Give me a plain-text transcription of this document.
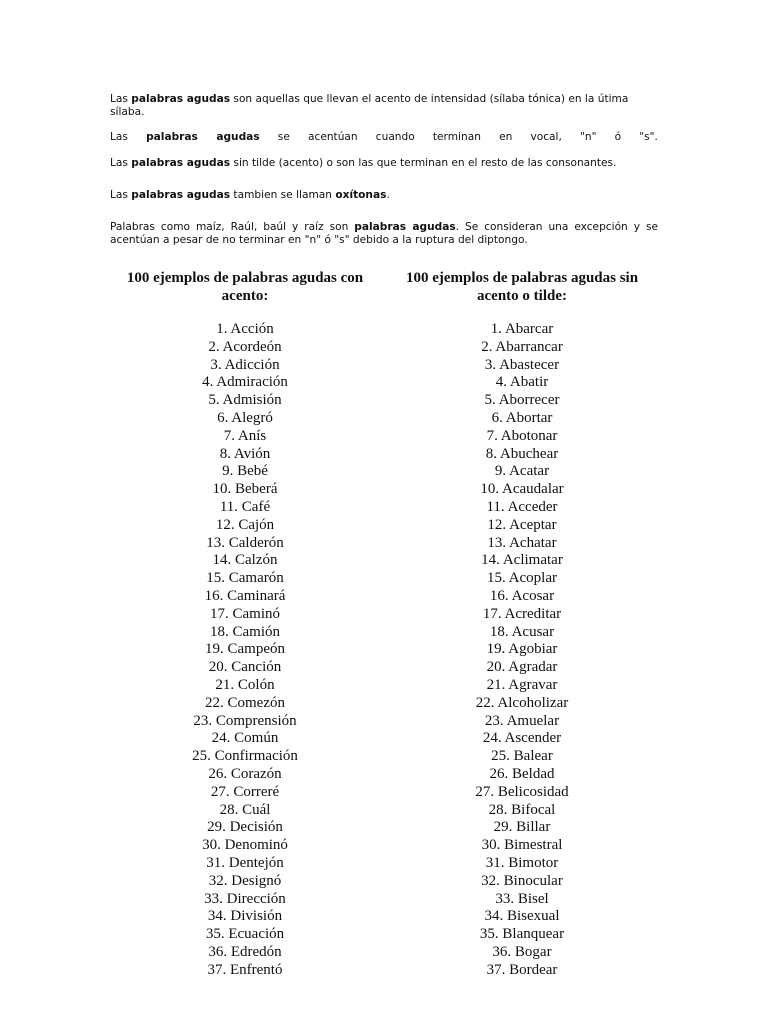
Las palabras agudas son aquellas que llevan el acento de intensidad (sílaba tónica) en la útima sílaba.

Las palabras agudas se acentúan cuando terminan en vocal, "n" ó "s".

Las palabras agudas sin tilde (acento) o son las que terminan en el resto de las consonantes.

Las palabras agudas tambien se llaman oxítonas.

Palabras como maíz, Raúl, baúl y raíz son palabras agudas. Se consideran una excepción y se acentúan a pesar de no terminar en "n" ó "s" debido a la ruptura del diptongo.

100 ejemplos de palabras agudas con
acento:
1. Acción
2. Acordeón
3. Adicción
4. Admiración
5. Admisión
6. Alegró
7. Anís
8. Avión
9. Bebé
10. Beberá
11. Café
12. Cajón
13. Calderón
14. Calzón
15. Camarón
16. Caminará
17. Caminó
18. Camión
19. Campeón
20. Canción
21. Colón
22. Comezón
23. Comprensión
24. Común
25. Confirmación
26. Corazón
27. Correré
28. Cuál
29. Decisión
30. Denominó
31. Dentejón
32. Designó
33. Dirección
34. División
35. Ecuación
36. Edredón
37. Enfrentó
100 ejemplos de palabras agudas sin
acento o tilde:
1. Abarcar
2. Abarrancar
3. Abastecer
4. Abatir
5. Aborrecer
6. Abortar
7. Abotonar
8. Abuchear
9. Acatar
10. Acaudalar
11. Acceder
12. Aceptar
13. Achatar
14. Aclimatar
15. Acoplar
16. Acosar
17. Acreditar
18. Acusar
19. Agobiar
20. Agradar
21. Agravar
22. Alcoholizar
23. Amuelar
24. Ascender
25. Balear
26. Beldad
27. Belicosidad
28. Bifocal
29. Billar
30. Bimestral
31. Bimotor
32. Binocular
33. Bisel
34. Bisexual
35. Blanquear
36. Bogar
37. Bordear
